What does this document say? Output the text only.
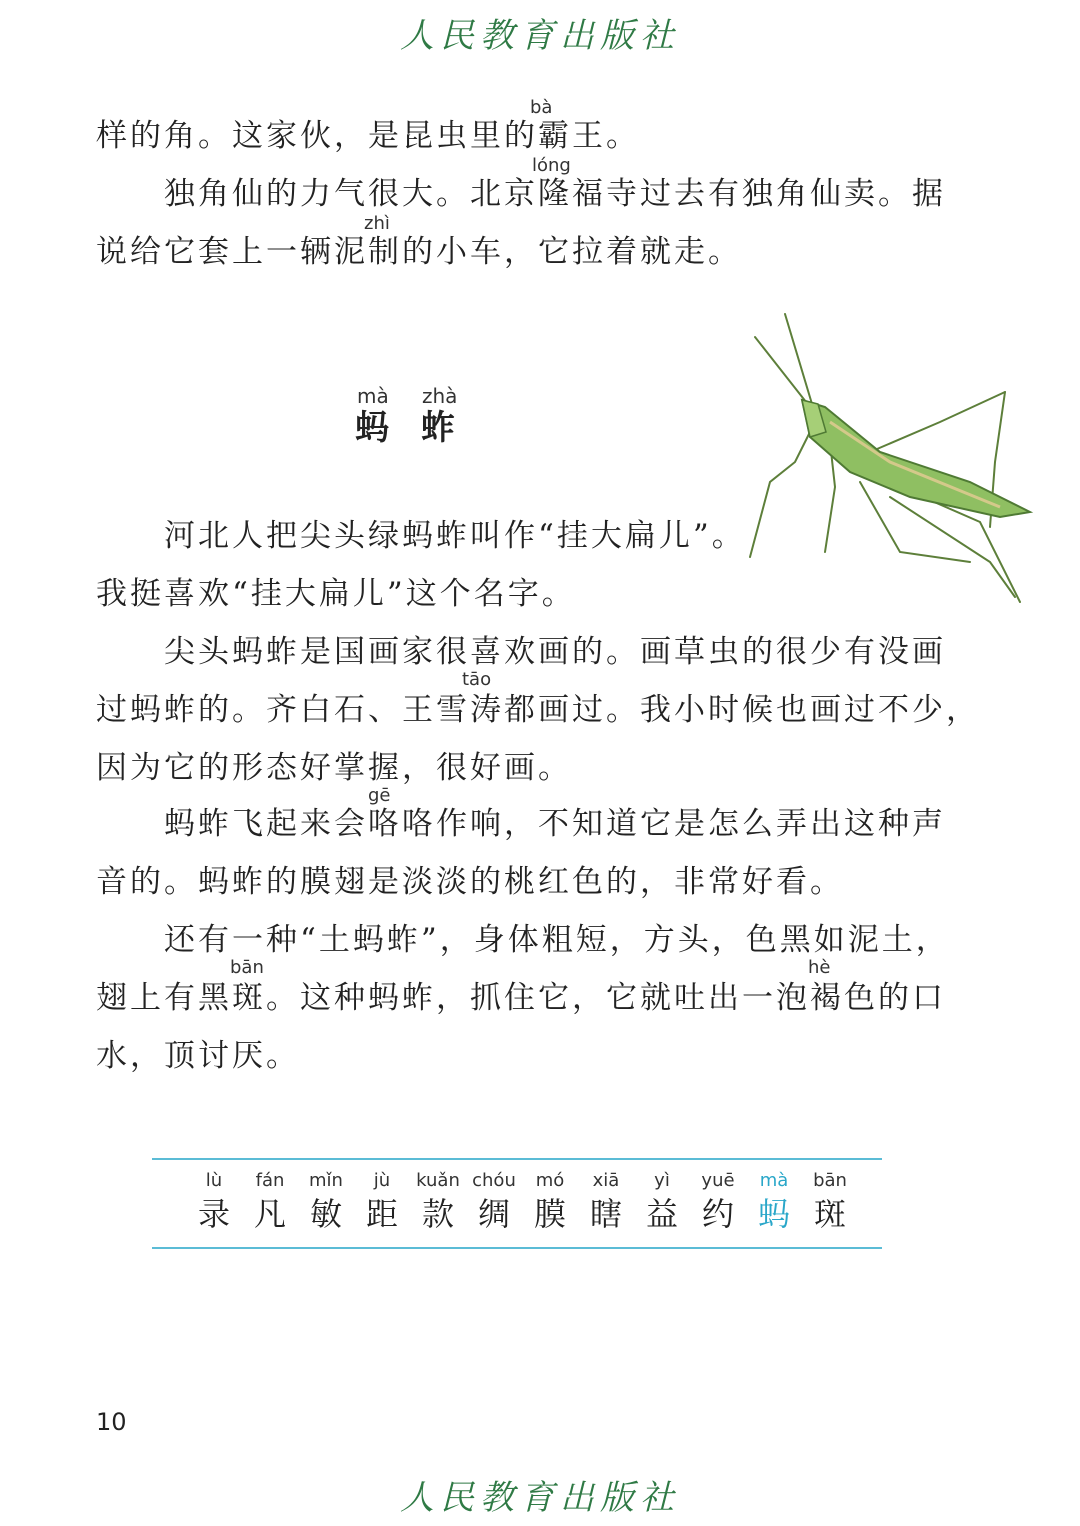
人民教育出版社
bà
样的角。这家伙，是昆虫里的霸王。
lóng
　　独角仙的力气很大。北京隆福寺过去有独角仙卖。据
zhì
说给它套上一辆泥制的小车，它拉着就走。
mà zhà
蚂 蚱
　　河北人把尖头绿蚂蚱叫作“挂大扁儿”。
我挺喜欢“挂大扁儿”这个名字。
　　尖头蚂蚱是国画家很喜欢画的。画草虫的很少有没画
tāo
过蚂蚱的。齐白石、王雪涛都画过。我小时候也画过不少，
因为它的形态好掌握，很好画。
gē
　　蚂蚱飞起来会咯咯作响，不知道它是怎么弄出这种声
音的。蚂蚱的膜翅是淡淡的桃红色的，非常好看。
　　还有一种“土蚂蚱”，身体粗短，方头，色黑如泥土，
bān	hè
翅上有黑斑。这种蚂蚱，抓住它，它就吐出一泡褐色的口
水，顶讨厌。
lù
录
fán
凡
mǐn
敏
jù
距
kuǎn
款
chóu
绸
mó
膜
xiā
瞎
yì
益
yuē
约
mà
蚂
bān
斑
10
人民教育出版社
